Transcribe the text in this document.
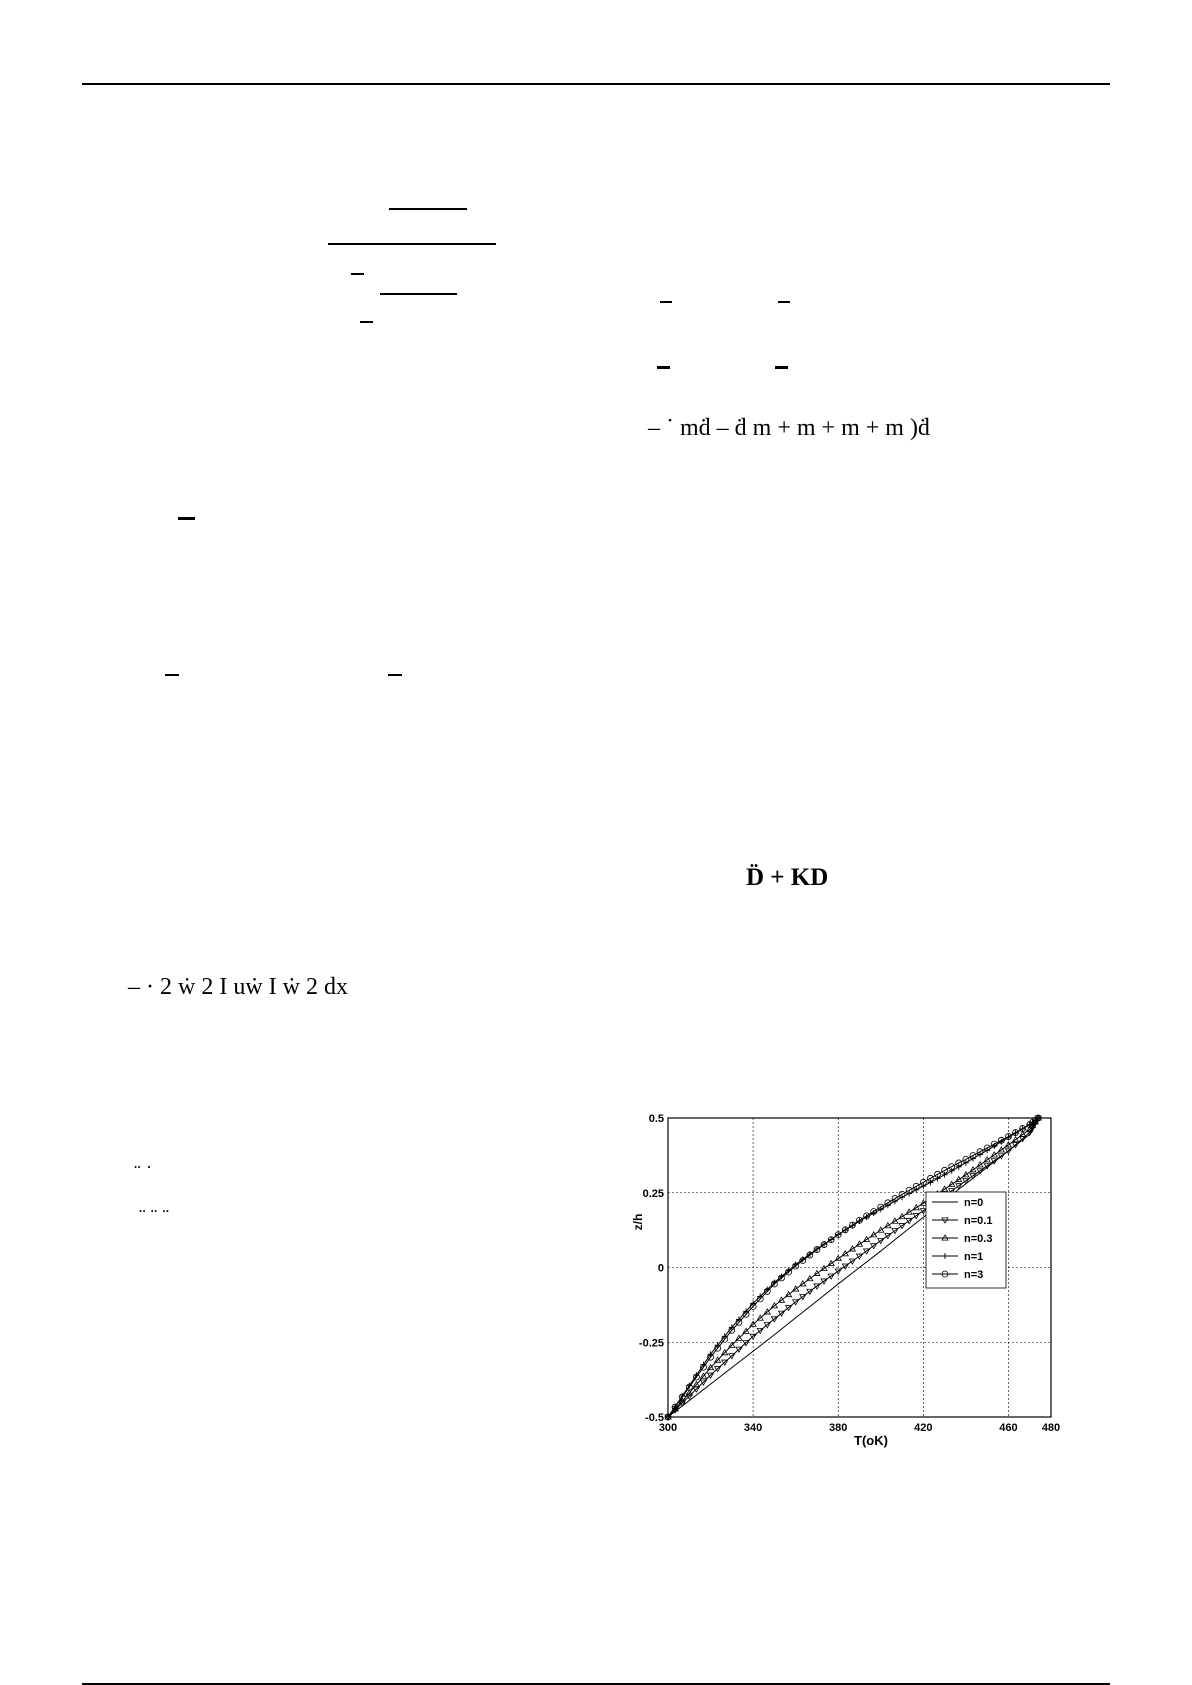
– ˙ mḋ – ḋ m + m + m + m )ḋ
D̈ + KD
– · 2 ẇ 2 I uẇ I ẇ 2 dx
¨ ˙
¨ ¨ ¨
300	340	380	420	460 480
0.5
0.25
0
-0.25
-0.5
T(oK)
z/h
n=0
n=0.1
n=0.3
n=1
n=3
